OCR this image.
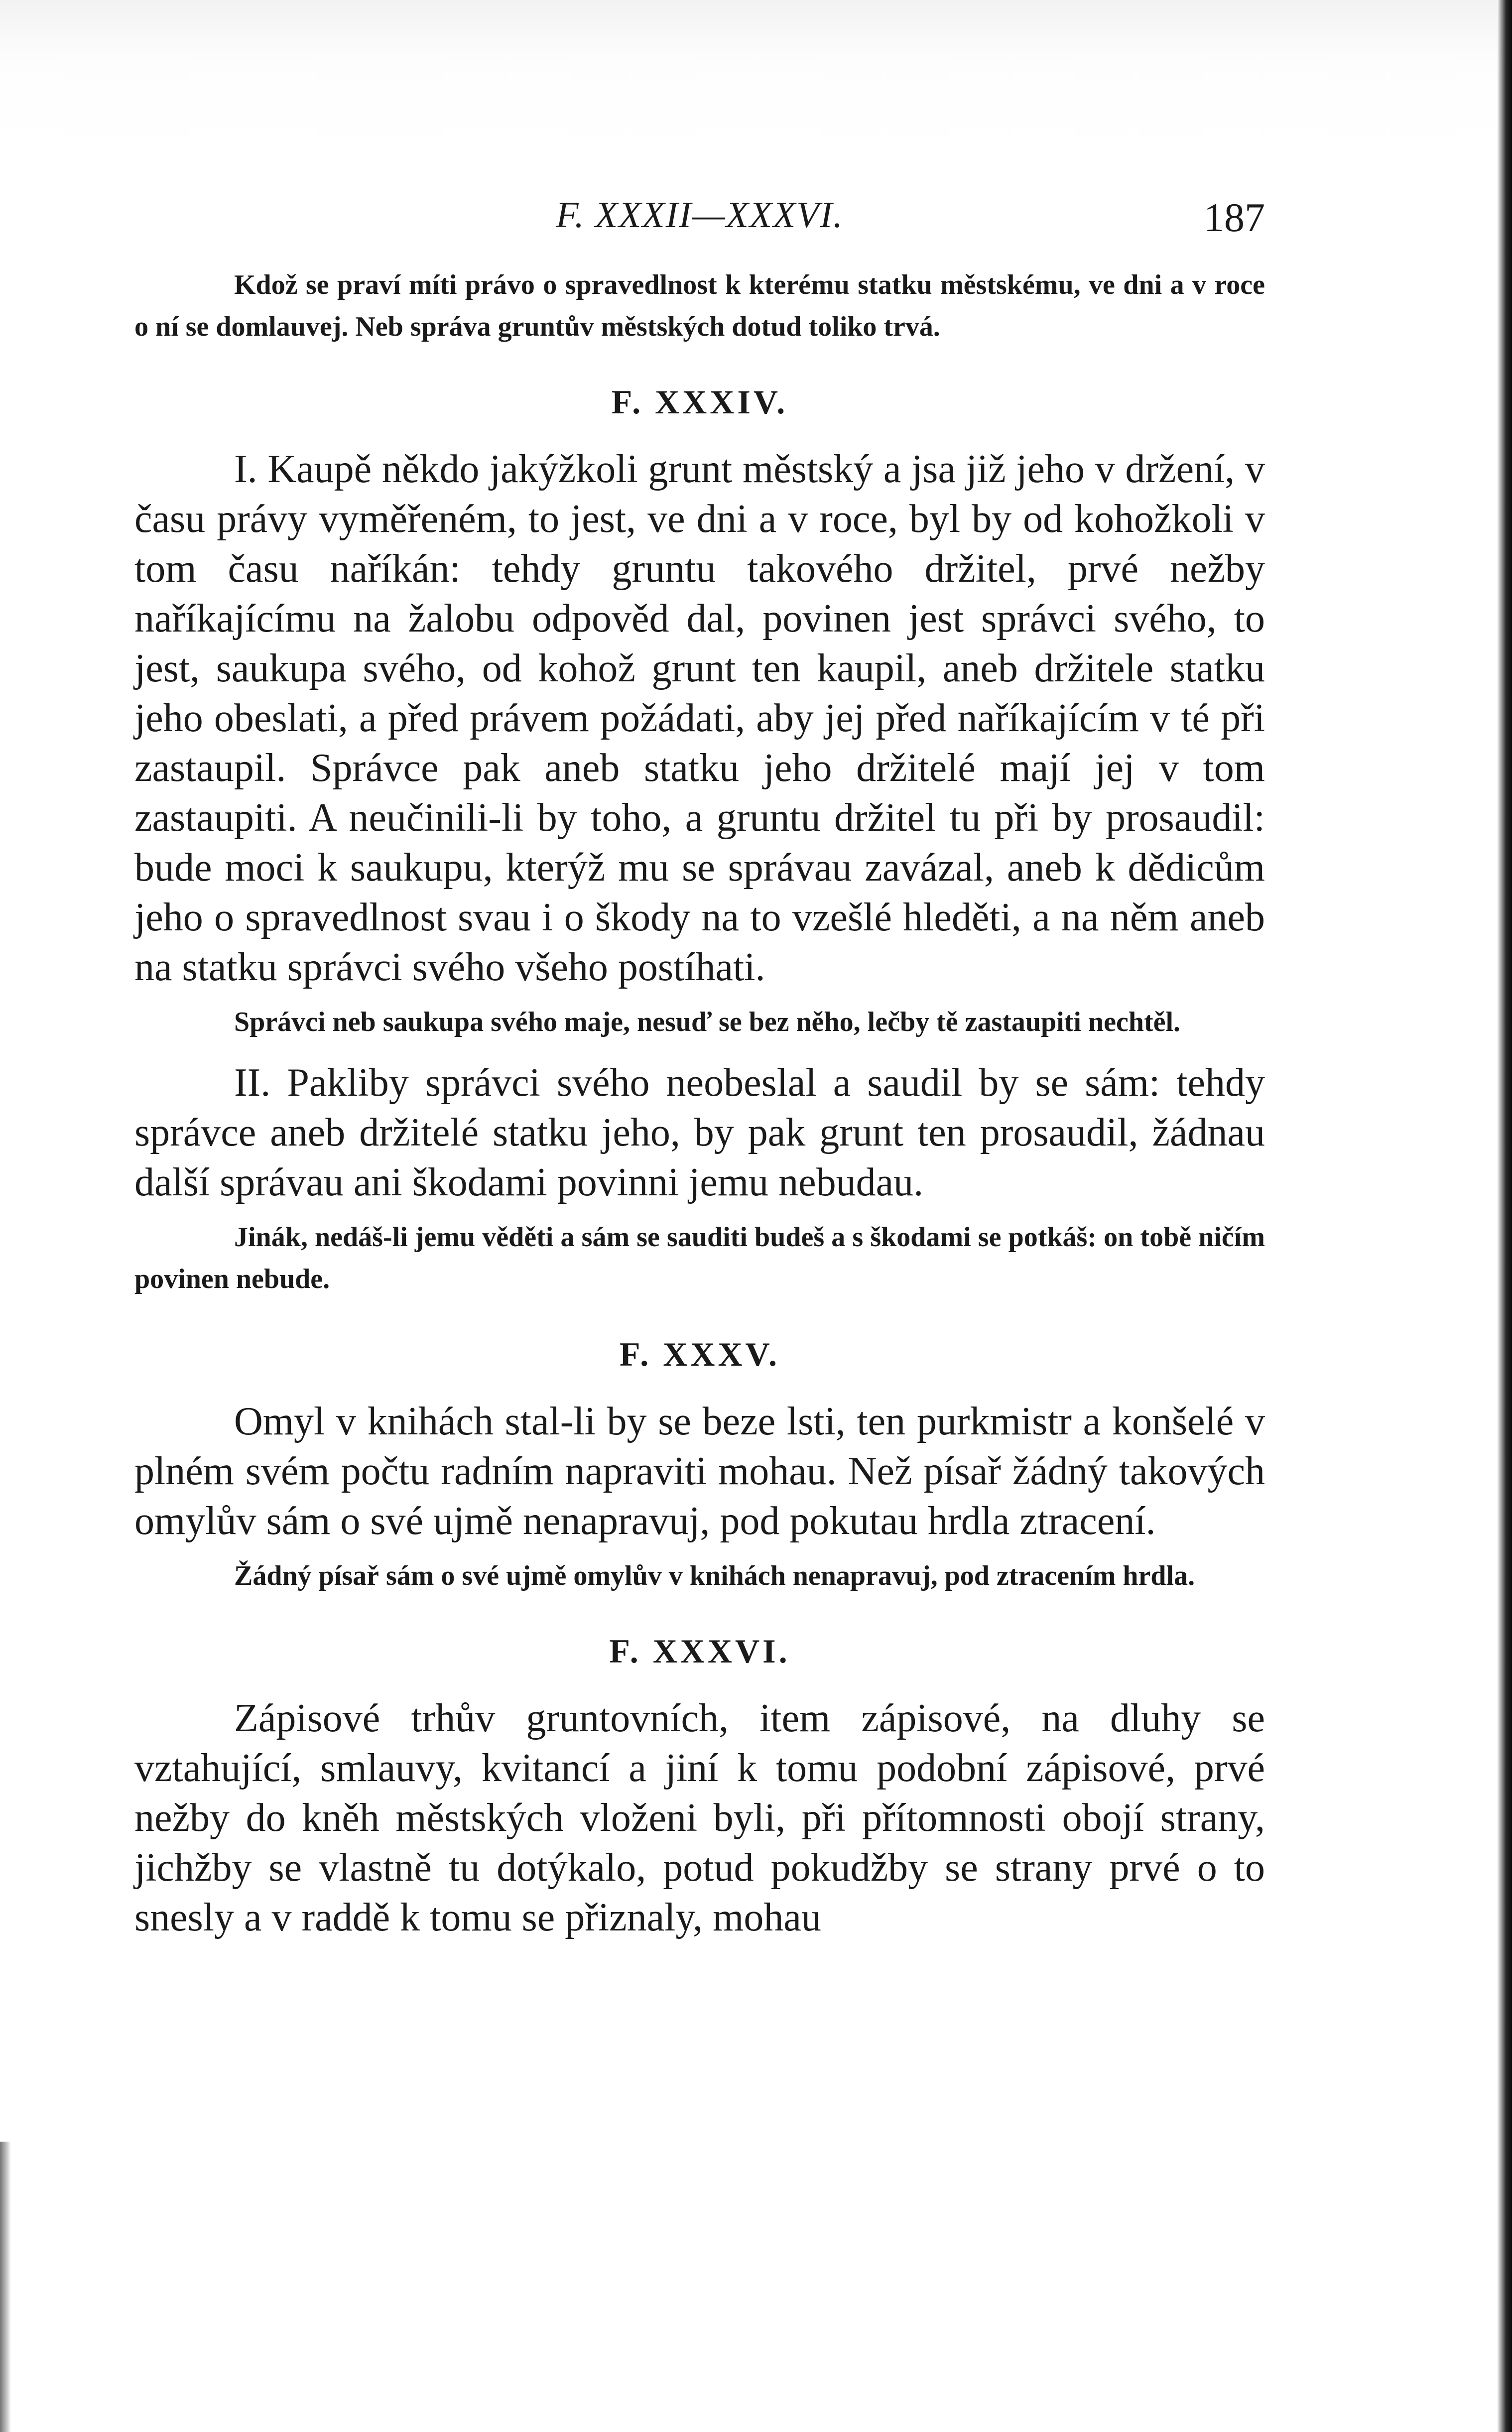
F. XXXII—XXXVI.	187

Kdož se praví míti právo o spravedlnost k kterému statku městskému, ve dni a v roce o ní se domlauvej. Neb správa gruntův městských dotud toliko trvá.

F. XXXIV.

I. Kaupě někdo jakýžkoli grunt městský a jsa již jeho v držení, v času právy vyměřeném, to jest, ve dni a v roce, byl by od kohožkoli v tom času naříkán: tehdy gruntu takového držitel, prvé nežby naříkajícímu na žalobu odpověd dal, povinen jest správci svého, to jest, saukupa svého, od kohož grunt ten kaupil, aneb držitele statku jeho obeslati, a před právem požádati, aby jej před naříkajícím v té při zastaupil. Správce pak aneb statku jeho držitelé mají jej v tom zastaupiti. A neučinili-li by toho, a gruntu držitel tu při by prosaudil: bude moci k saukupu, kterýž mu se správau zavázal, aneb k dědicům jeho o spravedlnost svau i o škody na to vzešlé hleděti, a na něm aneb na statku správci svého všeho postíhati.

Správci neb saukupa svého maje, nesuď se bez něho, lečby tě zastaupiti nechtěl.

II. Pakliby správci svého neobeslal a saudil by se sám: tehdy správce aneb držitelé statku jeho, by pak grunt ten prosaudil, žádnau další správau ani škodami povinni jemu nebudau.

Jinák, nedáš-li jemu věděti a sám se sauditi budeš a s škodami se potkáš: on tobě ničím povinen nebude.

F. XXXV.

Omyl v knihách stal-li by se beze lsti, ten purkmistr a konšelé v plném svém počtu radním napraviti mohau. Než písař žádný takových omylův sám o své ujmě nenapravuj, pod pokutau hrdla ztracení.

Žádný písař sám o své ujmě omylův v knihách nenapravuj, pod ztracením hrdla.

F. XXXVI.

Zápisové trhův gruntovních, item zápisové, na dluhy se vztahující, smlauvy, kvitancí a jiní k tomu podobní zápisové, prvé nežby do kněh městských vloženi byli, při přítomnosti obojí strany, jichžby se vlastně tu dotýkalo, potud pokudžby se strany prvé o to snesly a v raddě k tomu se přiznaly, mohau
